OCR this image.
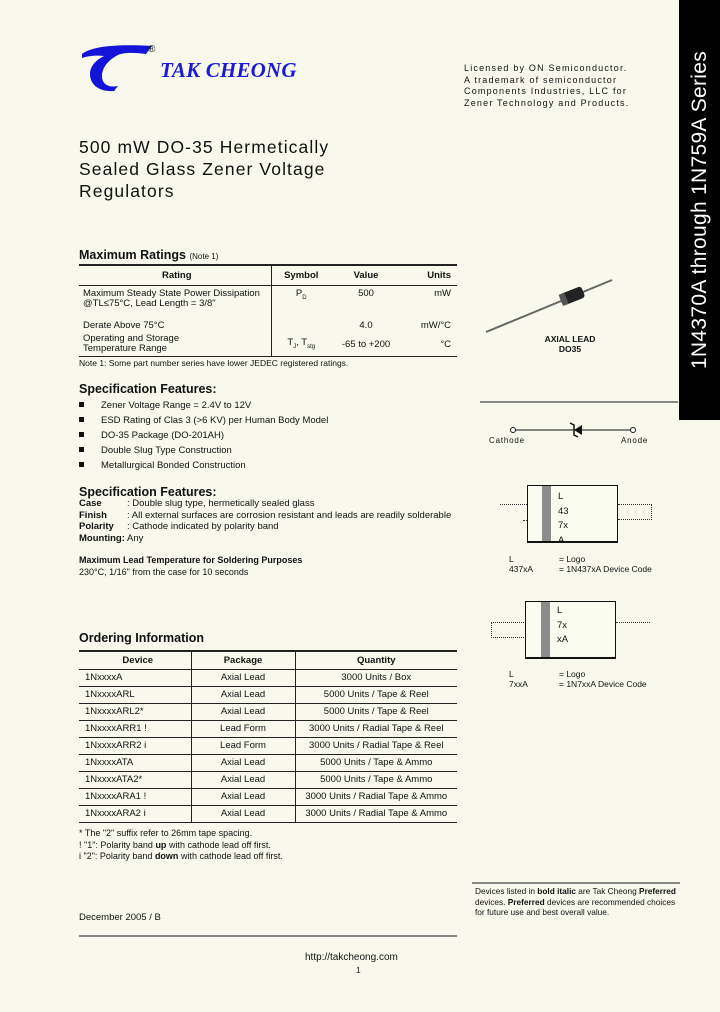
®
TAK CHEONG	Licensed by ON Semiconductor.
A trademark of semiconductor
Components Industries, LLC for
Zener Technology and Products.	1N4370A through 1N759A Series
500 mW DO-35 Hermetically
Sealed Glass Zener Voltage
Regulators
Maximum Ratings (Note 1)
Rating	Symbol	Value	Units

Maximum Steady State Power Dissipation
@TL≤75°C, Lead Length = 3/8"	$P_D$	500	mW
Derate Above 75°C		4.0	mW/°C

Operating and Storage
Temperature Range	$T_J$, $T_{stg}$	-65 to +200	°C
Note 1: Some part number series have lower JEDEC registered ratings.
AXIAL LEAD
DO35
Specification Features:
Zener Voltage Range = 2.4V to 12V
ESD Rating of Clas 3 (>6 KV) per Human Body Model
DO-35 Package (DO-201AH)
Double Slug Type Construction
Metallurgical Bonded Construction
Cathode	Anode
Specification Features:
Case	: Double slug type, hermetically sealed glass
Finish : All external surfaces are corrosion resistant and leads are readily solderable
Polarity : Cathode indicated by polarity band
Mounting: Any
Maximum Lead Temperature for Soldering Purposes
230°C, 1/16" from the case for 10 seconds
L
43
7x
A
L	= Logo
437xA	= 1N437xA Device Code
L
7x
xA
L	= Logo
7xxA	= 1N7xxA Device Code
Ordering Information
Device	Package	Quantity
1NxxxxA	Axial Lead	3000 Units / Box
1NxxxxARL	Axial Lead	5000 Units / Tape & Reel
1NxxxxARL2*	Axial Lead	5000 Units / Tape & Reel
1NxxxxARR1 !	Lead Form	3000 Units / Radial Tape & Reel
1NxxxxARR2 i	Lead Form	3000 Units / Radial Tape & Reel
1NxxxxATA	Axial Lead	5000 Units / Tape & Ammo
1NxxxxATA2*	Axial Lead	5000 Units / Tape & Ammo
1NxxxxARA1 !	Axial Lead	3000 Units / Radial Tape & Ammo
1NxxxxARA2 i	Axial Lead	3000 Units / Radial Tape & Ammo
* The "2" suffix refer to 26mm tape spacing.
! "1": Polarity band up with cathode lead off first.
i "2": Polarity band down with cathode lead off first.
Devices listed in bold italic are Tak Cheong Preferred devices. Preferred devices are recommended choices for future use and best overall value.
December 2005 / B
http://takcheong.com
1
